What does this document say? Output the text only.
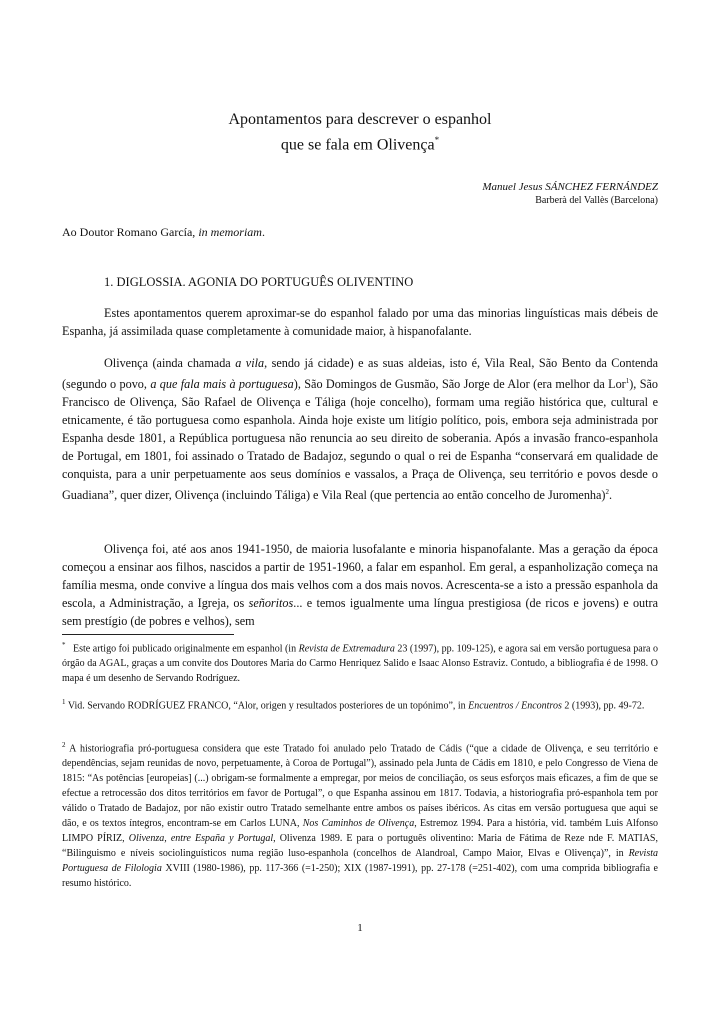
Apontamentos para descrever o espanhol
que se fala em Olivença*
Manuel Jesus SÁNCHEZ FERNÁNDEZ
Barberà del Vallès (Barcelona)
Ao Doutor Romano García, in memoriam.
1. DIGLOSSIA. AGONIA DO PORTUGUÊS OLIVENTINO

Estes apontamentos querem aproximar-se do espanhol falado por uma das minorias linguísticas mais débeis de Espanha, já assimilada quase completamente à comunidade maior, à hispanofalante.

Olivença (ainda chamada a vila, sendo já cidade) e as suas aldeias, isto é, Vila Real, São Bento da Contenda (segundo o povo, a que fala mais à portuguesa), São Domingos de Gusmão, São Jorge de Alor (era melhor da Lor$^1$), São Francisco de Olivença, São Rafael de Olivença e Táliga (hoje concelho), formam uma região histórica que, cultural e etnicamente, é tão portuguesa como espanhola. Ainda hoje existe um litígio político, pois, embora seja administrada por Espanha desde 1801, a República portuguesa não renuncia ao seu direito de soberania. Após a invasão franco-espanhola de Portugal, em 1801, foi assinado o Tratado de Badajoz, segundo o qual o rei de Espanha “conservará em qualidade de conquista, para a unir perpetuamente aos seus domínios e vassalos, a Praça de Olivença, seu território e povos desde o Guadiana”, quer dizer, Olivença (incluindo Táliga) e Vila Real (que pertencia ao então concelho de Juromenha)$^2$.

Olivença foi, até aos anos 1941-1950, de maioria lusofalante e minoria hispanofalante. Mas a geração da época começou a ensinar aos filhos, nascidos a partir de 1951-1960, a falar em espanhol. Em geral, a espanholização começa na família mesma, onde convive a língua dos mais velhos com a dos mais novos. Acrescenta-se a isto a pressão espanhola da escola, a Administração, a Igreja, os señoritos... e temos igualmente uma língua prestigiosa (de ricos e jovens) e outra sem prestígio (de pobres e velhos), sem

* Este artigo foi publicado originalmente em espanhol (in Revista de Extremadura 23 (1997), pp. 109-125), e agora sai em versão portuguesa para o órgão da AGAL, graças a um convite dos Doutores Maria do Carmo Henriquez Salido e Isaac Alonso Estraviz. Contudo, a bibliografia é de 1998. O mapa é um desenho de Servando Rodríguez.

$^1$ Vid. Servando RODRÍGUEZ FRANCO, “Alor, origen y resultados posteriores de un topónimo”, in Encuentros / Encontros 2 (1993), pp. 49-72.

$^2$ A historiografia pró-portuguesa considera que este Tratado foi anulado pelo Tratado de Cádis (“que a cidade de Olivença, e seu território e dependências, sejam reunidas de novo, perpetuamente, à Coroa de Portugal”), assinado pela Junta de Cádis em 1810, e pelo Congresso de Viena de 1815: “As potências [europeias] (...) obrigam-se formalmente a empregar, por meios de conciliação, os seus esforços mais eficazes, a fim de que se efectue a retrocessão dos ditos territórios em favor de Portugal”, o que Espanha assinou em 1817. Todavia, a historiografia pró-espanhola tem por válido o Tratado de Badajoz, por não existir outro Tratado semelhante entre ambos os países ibéricos. As citas em versão portuguesa que aqui se dão, e os textos íntegros, encontram-se em Carlos LUNA, Nos Caminhos de Olivença, Estremoz 1994. Para a história, vid. também Luis Alfonso LIMPO PÍRIZ, Olivenza, entre España y Portugal, Olivenza 1989. E para o português oliventino: Maria de Fátima de Reze nde F. MATIAS, “Bilinguismo e níveis sociolinguísticos numa região luso-espanhola (concelhos de Alandroal, Campo Maior, Elvas e Olivença)”, in Revista Portuguesa de Filologia XVIII (1980-1986), pp. 117-366 (=1-250); XIX (1987-1991), pp. 27-178 (=251-402), com uma comprida bibliografia e resumo histórico.

1
